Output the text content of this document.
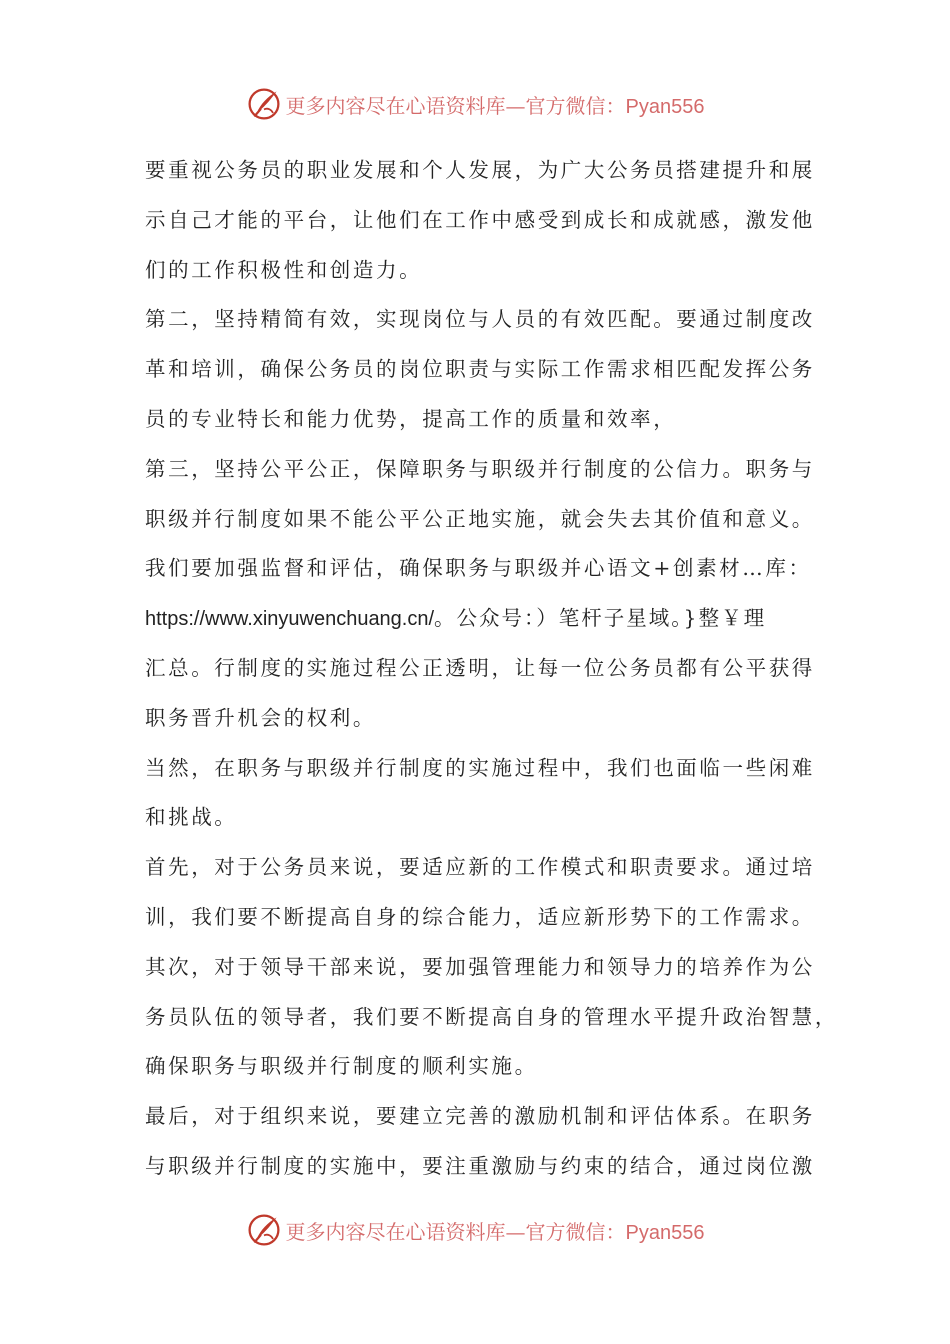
更多内容尽在心语资料库—官方微信：Pyan556
要重视公务员的职业发展和个人发展，为广大公务员搭建提升和展
示自己才能的平台，让他们在工作中感受到成长和成就感，激发他
们的工作积极性和创造力。
第二，坚持精简有效，实现岗位与人员的有效匹配。要通过制度改
革和培训，确保公务员的岗位职责与实际工作需求相匹配发挥公务
员的专业特长和能力优势，提高工作的质量和效率，
第三，坚持公平公正，保障职务与职级并行制度的公信力。职务与
职级并行制度如果不能公平公正地实施，就会失去其价值和意义。
我们要加强监督和评估，确保职务与职级并心语文+创素材…库：
https://www.xinyuwenchuang.cn/。公众号：）笔杆子星域。}整￥理
汇总。行制度的实施过程公正透明，让每一位公务员都有公平获得
职务晋升机会的权利。
当然，在职务与职级并行制度的实施过程中，我们也面临一些闲难
和挑战。
首先，对于公务员来说，要适应新的工作模式和职责要求。通过培
训，我们要不断提高自身的综合能力，适应新形势下的工作需求。
其次，对于领导干部来说，要加强管理能力和领导力的培养作为公
务员队伍的领导者，我们要不断提高自身的管理水平提升政治智慧，
确保职务与职级并行制度的顺利实施。
最后，对于组织来说，要建立完善的激励机制和评估体系。在职务
与职级并行制度的实施中，要注重激励与约束的结合，通过岗位激
更多内容尽在心语资料库—官方微信：Pyan556
